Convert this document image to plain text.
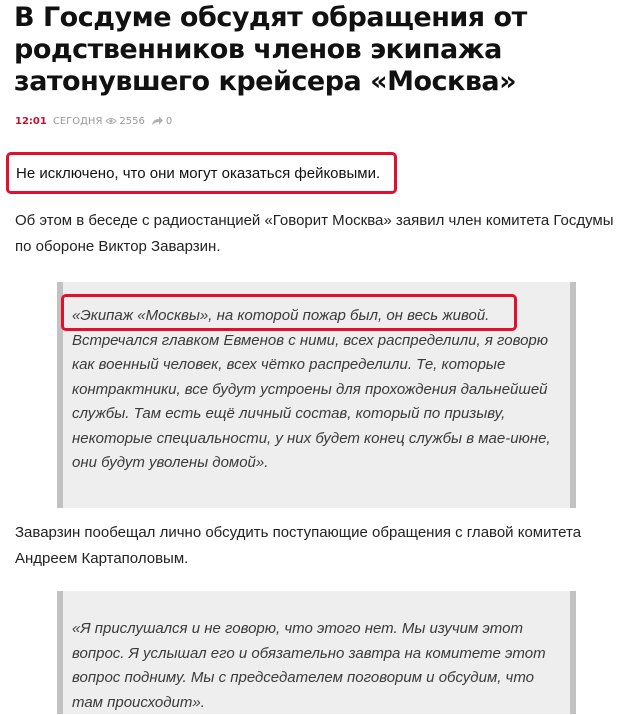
В Госдуме обсудят обращения от родственников членов экипажа затонувшего крейсера «Москва»
12:01 СЕГОДНЯ 2556 0
Не исключено, что они могут оказаться фейковыми.

Об этом в беседе с радиостанцией «Говорит Москва» заявил член комитета Госдумы по обороне Виктор Заварзин.

«Экипаж «Москвы», на которой пожар был, он весь живой. Встречался главком Евменов с ними, всех распределили, я говорю как военный человек, всех чётко распределили. Те, которые контрактники, все будут устроены для прохождения дальнейшей службы. Там есть ещё личный состав, который по призыву, некоторые специальности, у них будет конец службы в мае-июне, они будут уволены домой».

Заварзин пообещал лично обсудить поступающие обращения с главой комитета Андреем Картаполовым.

«Я прислушался и не говорю, что этого нет. Мы изучим этот вопрос. Я услышал его и обязательно завтра на комитете этот вопрос подниму. Мы с председателем поговорим и обсудим, что там происходит».
